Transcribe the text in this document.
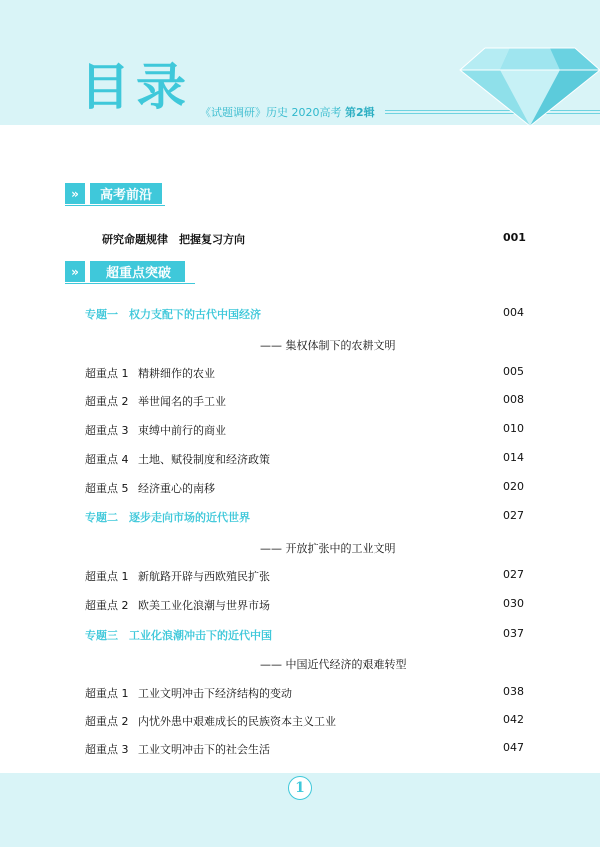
目录 《试题调研》历史 2020高考 第2辑
»	高考前沿
研究命题规律　把握复习方向	001
»	超重点突破
专题一　权力支配下的古代中国经济	004
—— 集权体制下的农耕文明
超重点 1 精耕细作的农业	005
超重点 2 举世闻名的手工业	008
超重点 3 束缚中前行的商业	010
超重点 4 土地、赋役制度和经济政策	014
超重点 5 经济重心的南移	020
专题二　逐步走向市场的近代世界	027
—— 开放扩张中的工业文明
超重点 1 新航路开辟与西欧殖民扩张	027
超重点 2 欧美工业化浪潮与世界市场	030
专题三　工业化浪潮冲击下的近代中国	037
—— 中国近代经济的艰难转型
超重点 1 工业文明冲击下经济结构的变动	038
超重点 2 内忧外患中艰难成长的民族资本主义工业	042
超重点 3 工业文明冲击下的社会生活	047
1
